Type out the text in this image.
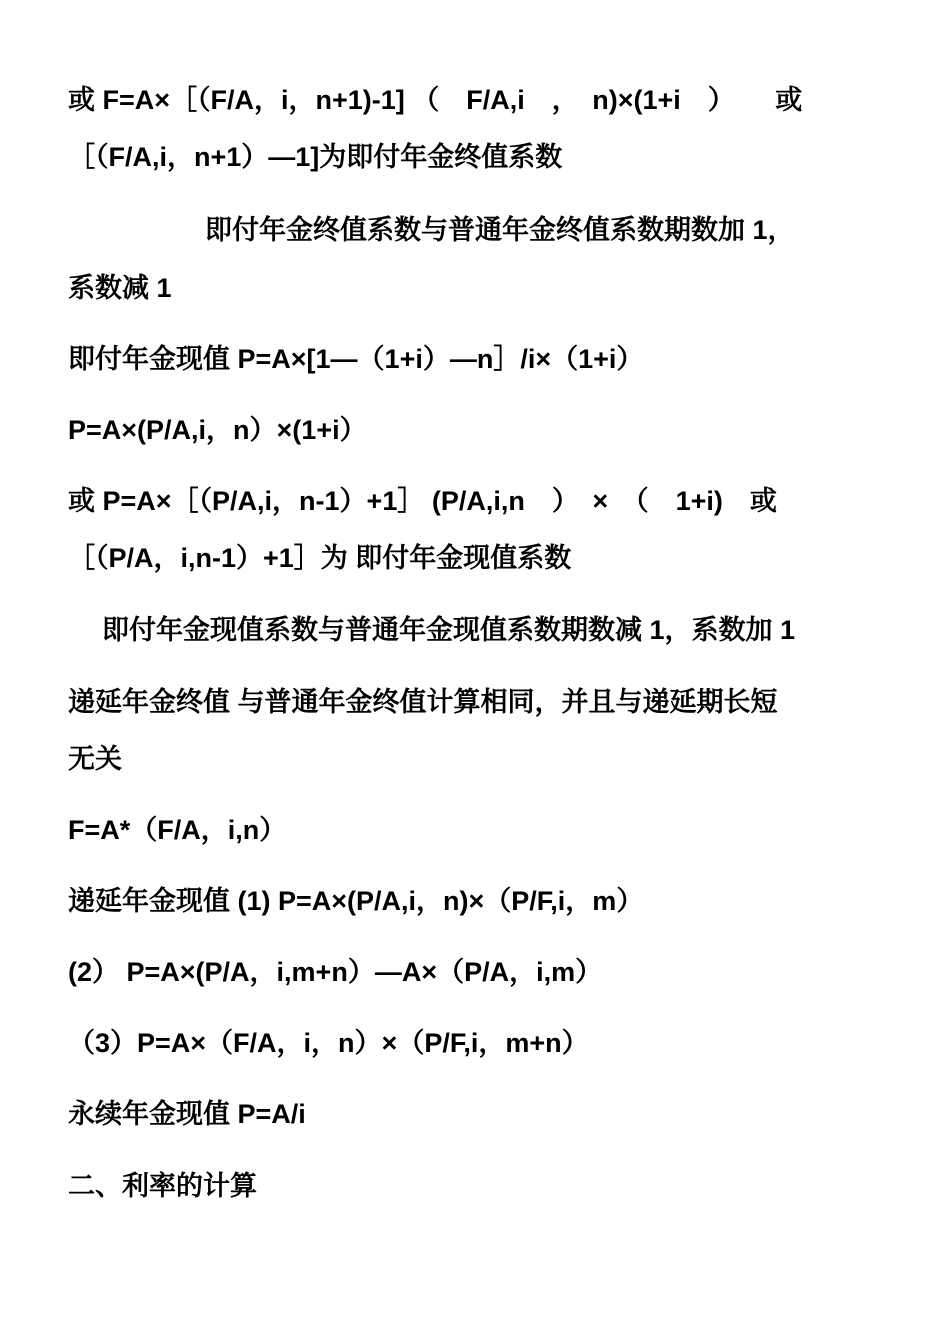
或 F=A×［（F/A，i，n+1)-1] （　F/A,i　，　n)×(1+i　）　　或
［（F/A,i，n+1）—1]为即付年金终值系数
即付年金终值系数与普通年金终值系数期数加 1，
系数减 1
即付年金现值 P=A×[1—（1+i）—n］/i×（1+i）
P=A×(P/A,i，n）×(1+i）
或 P=A×［（P/A,i，n-1）+1］ (P/A,i,n　）　×　（　1+i)　或
［（P/A，i,n-1）+1］为 即付年金现值系数
即付年金现值系数与普通年金现值系数期数减 1，系数加 1
递延年金终值 与普通年金终值计算相同，并且与递延期长短
无关
F=A*（F/A，i,n）
递延年金现值 (1) P=A×(P/A,i，n)×（P/F,i，m）
(2） P=A×(P/A，i,m+n）—A×（P/A，i,m）
（3）P=A×（F/A，i，n）×（P/F,i，m+n）
永续年金现值 P=A/i
二、利率的计算
